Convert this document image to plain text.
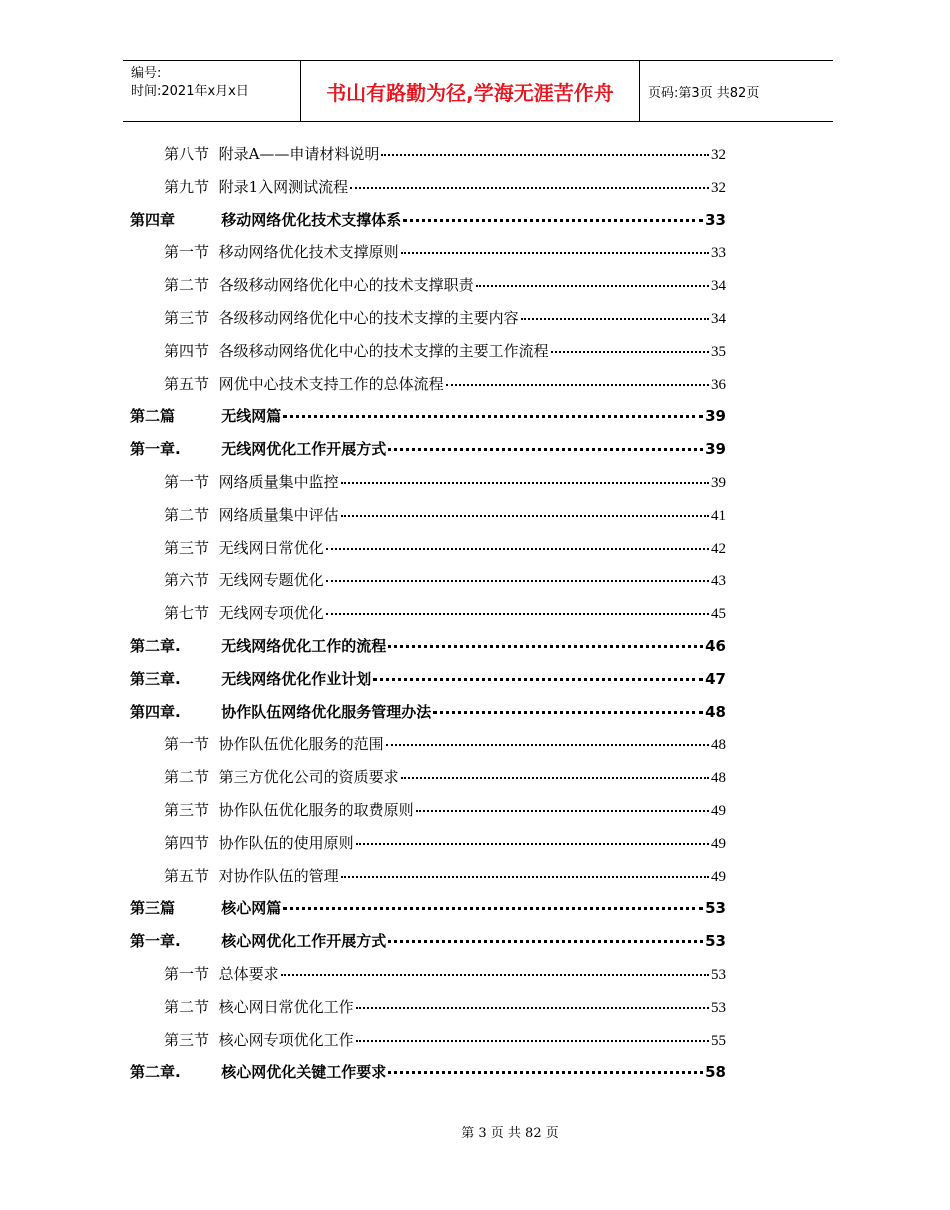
编号:
时间:2021年x月x日	书山有路勤为径,学海无涯苦作舟	页码:第3页 共82页
第八节 附录A——申请材料说明	32
第九节 附录1入网测试流程	32
第四章	移动网络优化技术支撑体系	33
第一节 移动网络优化技术支撑原则	33
第二节 各级移动网络优化中心的技术支撑职责	34
第三节 各级移动网络优化中心的技术支撑的主要内容	34
第四节 各级移动网络优化中心的技术支撑的主要工作流程	35
第五节 网优中心技术支持工作的总体流程	36
第二篇	无线网篇	39
第一章.	无线网优化工作开展方式	39
第一节 网络质量集中监控	39
第二节 网络质量集中评估	41
第三节 无线网日常优化	42
第六节 无线网专题优化	43
第七节 无线网专项优化	45
第二章.	无线网络优化工作的流程	46
第三章.	无线网络优化作业计划	47
第四章.	协作队伍网络优化服务管理办法	48
第一节 协作队伍优化服务的范围	48
第二节 第三方优化公司的资质要求	48
第三节 协作队伍优化服务的取费原则	49
第四节 协作队伍的使用原则	49
第五节 对协作队伍的管理	49
第三篇	核心网篇	53
第一章.	核心网优化工作开展方式	53
第一节 总体要求	53
第二节 核心网日常优化工作	53
第三节 核心网专项优化工作	55
第二章.	核心网优化关键工作要求	58
第 3 页 共 82 页
